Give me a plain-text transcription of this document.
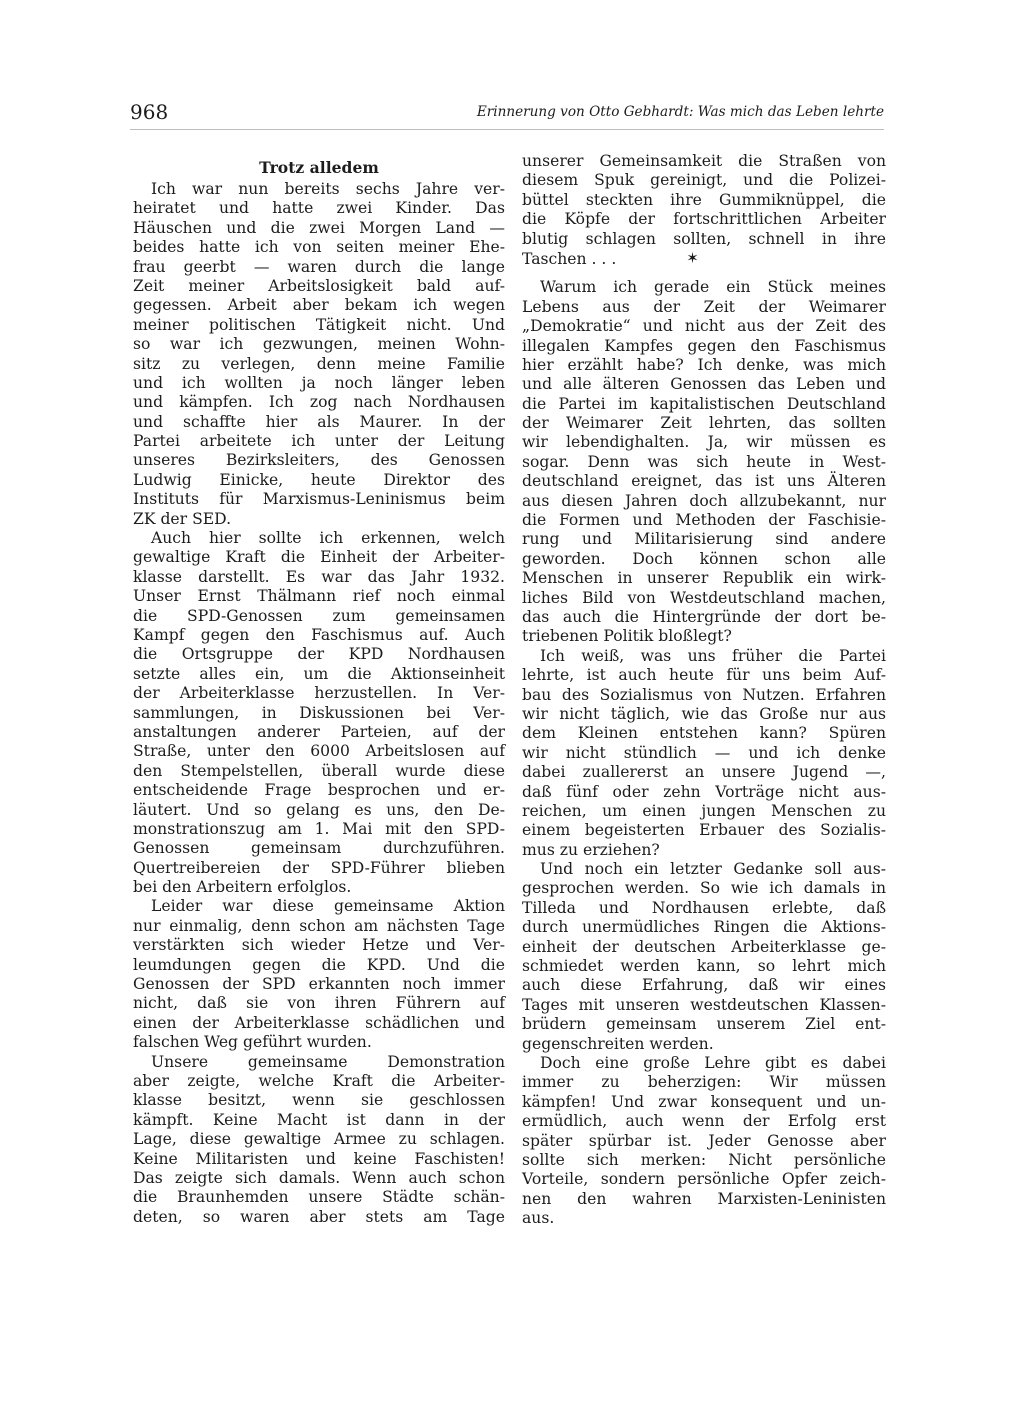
968	Erinnerung von Otto Gebhardt: Was mich das Leben lehrte
Trotz alledem
Ich war nun bereits sechs Jahre ver-
heiratet und hatte zwei Kinder. Das
Häuschen und die zwei Morgen Land —
beides hatte ich von seiten meiner Ehe-
frau geerbt — waren durch die lange
Zeit meiner Arbeitslosigkeit bald auf-
gegessen. Arbeit aber bekam ich wegen
meiner politischen Tätigkeit nicht. Und
so war ich gezwungen, meinen Wohn-
sitz zu verlegen, denn meine Familie
und ich wollten ja noch länger leben
und kämpfen. Ich zog nach Nordhausen
und schaffte hier als Maurer. In der
Partei arbeitete ich unter der Leitung
unseres Bezirksleiters, des Genossen
Ludwig Einicke, heute Direktor des
Instituts für Marxismus-Leninismus beim
ZK der SED.
Auch hier sollte ich erkennen, welch
gewaltige Kraft die Einheit der Arbeiter-
klasse darstellt. Es war das Jahr 1932.
Unser Ernst Thälmann rief noch einmal
die SPD-Genossen zum gemeinsamen
Kampf gegen den Faschismus auf. Auch
die Ortsgruppe der KPD Nordhausen
setzte alles ein, um die Aktionseinheit
der Arbeiterklasse herzustellen. In Ver-
sammlungen, in Diskussionen bei Ver-
anstaltungen anderer Parteien, auf der
Straße, unter den 6000 Arbeitslosen auf
den Stempelstellen, überall wurde diese
entscheidende Frage besprochen und er-
läutert. Und so gelang es uns, den De-
monstrationszug am 1. Mai mit den SPD-
Genossen gemeinsam durchzuführen.
Quertreibereien der SPD-Führer blieben
bei den Arbeitern erfolglos.
Leider war diese gemeinsame Aktion
nur einmalig, denn schon am nächsten Tage
verstärkten sich wieder Hetze und Ver-
leumdungen gegen die KPD. Und die
Genossen der SPD erkannten noch immer
nicht, daß sie von ihren Führern auf
einen der Arbeiterklasse schädlichen und
falschen Weg geführt wurden.
Unsere gemeinsame Demonstration
aber zeigte, welche Kraft die Arbeiter-
klasse besitzt, wenn sie geschlossen
kämpft. Keine Macht ist dann in der
Lage, diese gewaltige Armee zu schlagen.
Keine Militaristen und keine Faschisten!
Das zeigte sich damals. Wenn auch schon
die Braunhemden unsere Städte schän-
deten, so waren aber stets am Tage
unserer Gemeinsamkeit die Straßen von
diesem Spuk gereinigt, und die Polizei-
büttel steckten ihre Gummiknüppel, die
die Köpfe der fortschrittlichen Arbeiter
blutig schlagen sollten, schnell in ihre
Taschen . . .	✶
Warum ich gerade ein Stück meines
Lebens aus der Zeit der Weimarer
„Demokratie“ und nicht aus der Zeit des
illegalen Kampfes gegen den Faschismus
hier erzählt habe? Ich denke, was mich
und alle älteren Genossen das Leben und
die Partei im kapitalistischen Deutschland
der Weimarer Zeit lehrten, das sollten
wir lebendighalten. Ja, wir müssen es
sogar. Denn was sich heute in West-
deutschland ereignet, das ist uns Älteren
aus diesen Jahren doch allzubekannt, nur
die Formen und Methoden der Faschisie-
rung und Militarisierung sind andere
geworden. Doch können schon alle
Menschen in unserer Republik ein wirk-
liches Bild von Westdeutschland machen,
das auch die Hintergründe der dort be-
triebenen Politik bloßlegt?
Ich weiß, was uns früher die Partei
lehrte, ist auch heute für uns beim Auf-
bau des Sozialismus von Nutzen. Erfahren
wir nicht täglich, wie das Große nur aus
dem Kleinen entstehen kann? Spüren
wir nicht stündlich — und ich denke
dabei zuallererst an unsere Jugend —,
daß fünf oder zehn Vorträge nicht aus-
reichen, um einen jungen Menschen zu
einem begeisterten Erbauer des Sozialis-
mus zu erziehen?
Und noch ein letzter Gedanke soll aus-
gesprochen werden. So wie ich damals in
Tilleda und Nordhausen erlebte, daß
durch unermüdliches Ringen die Aktions-
einheit der deutschen Arbeiterklasse ge-
schmiedet werden kann, so lehrt mich
auch diese Erfahrung, daß wir eines
Tages mit unseren westdeutschen Klassen-
brüdern gemeinsam unserem Ziel ent-
gegenschreiten werden.
Doch eine große Lehre gibt es dabei
immer zu beherzigen: Wir müssen
kämpfen! Und zwar konsequent und un-
ermüdlich, auch wenn der Erfolg erst
später spürbar ist. Jeder Genosse aber
sollte sich merken: Nicht persönliche
Vorteile, sondern persönliche Opfer zeich-
nen den wahren Marxisten-Leninisten
aus.
